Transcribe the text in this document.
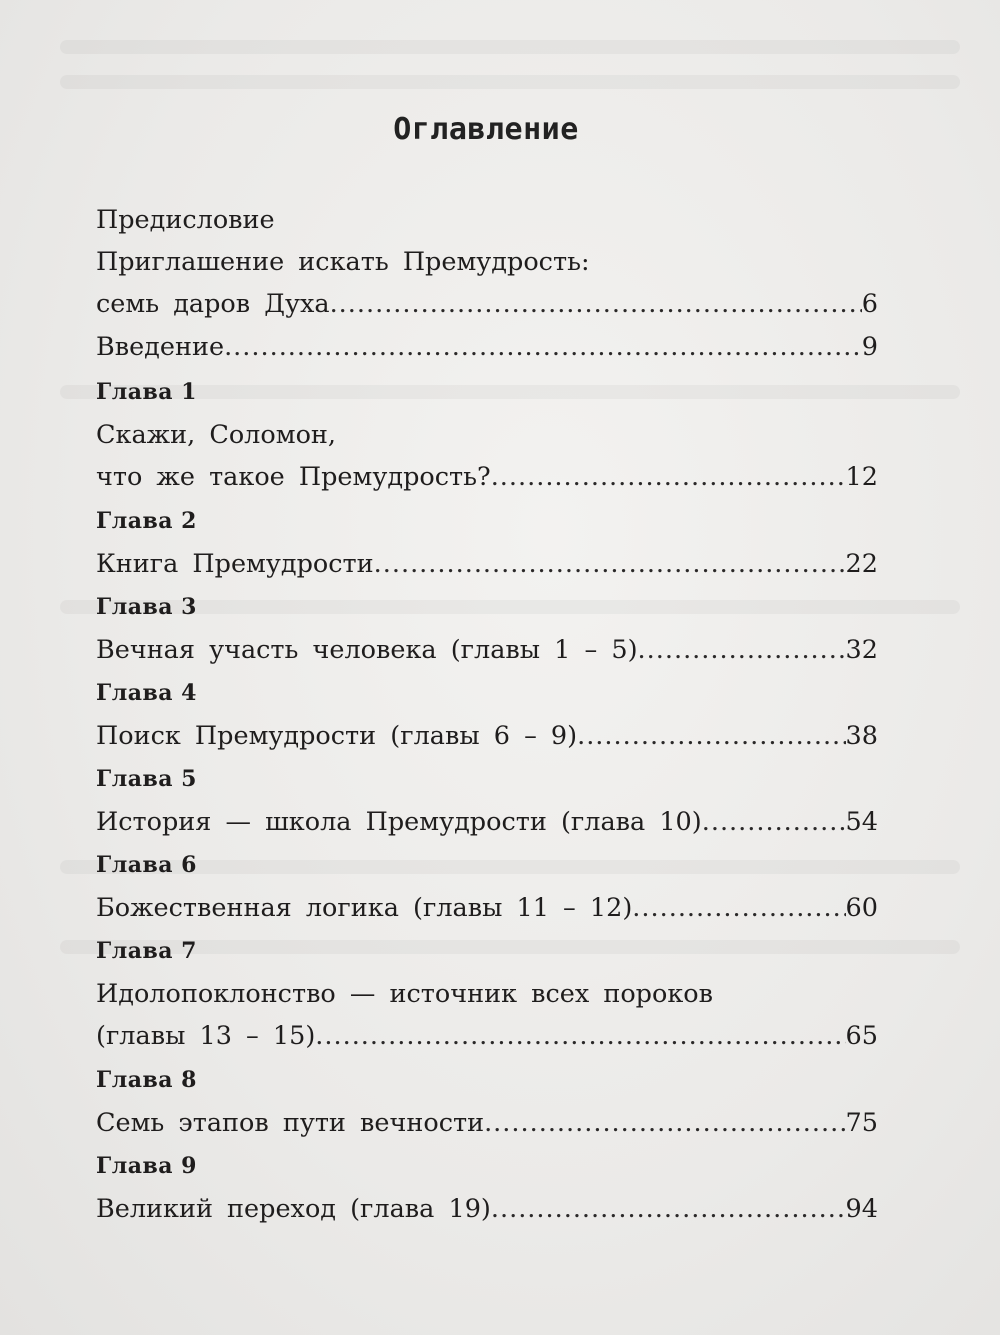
Оглавление
Предисловие
Приглашение искать Премудрость:
семь даров Духа .....	6
Введение .....	9
Глава 1
Скажи, Соломон,
что же такое Премудрость? .....	12
Глава 2
Книга Премудрости .....	22
Глава 3
Вечная участь человека (главы 1 – 5) .....	32
Глава 4
Поиск Премудрости (главы 6 – 9) .....	38
Глава 5
История — школа Премудрости (глава 10) .....	54
Глава 6
Божественная логика (главы 11 – 12) .....	60
Глава 7
Идолопоклонство — источник всех пороков
(главы 13 – 15) .....	65
Глава 8
Семь этапов пути вечности .....	75
Глава 9
Великий переход (глава 19) .....	94
